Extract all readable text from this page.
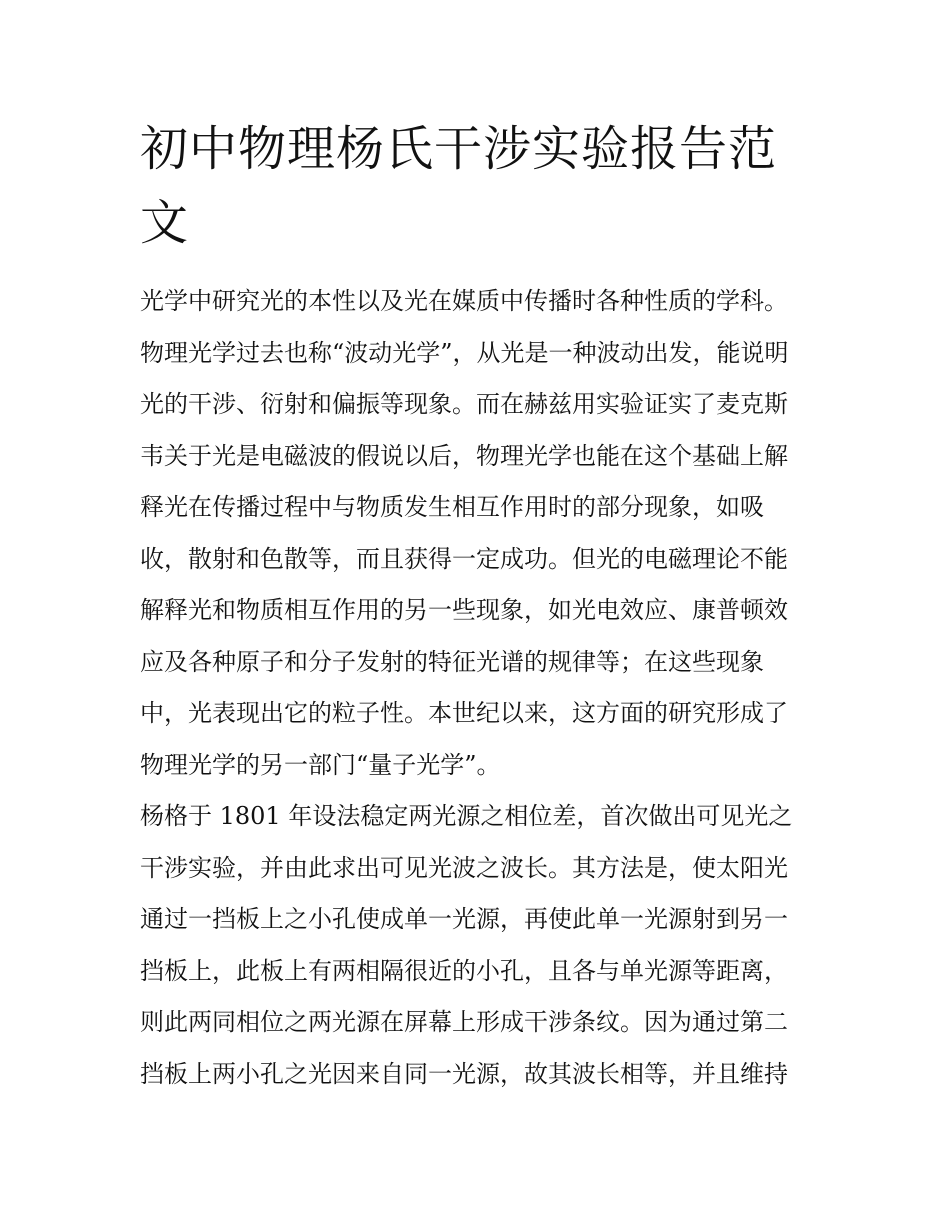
初中物理杨氏干涉实验报告范
文
光学中研究光的本性以及光在媒质中传播时各种性质的学科。
物理光学过去也称“波动光学”，从光是一种波动出发，能说明
光的干涉、衍射和偏振等现象。而在赫兹用实验证实了麦克斯
韦关于光是电磁波的假说以后，物理光学也能在这个基础上解
释光在传播过程中与物质发生相互作用时的部分现象，如吸
收，散射和色散等，而且获得一定成功。但光的电磁理论不能
解释光和物质相互作用的另一些现象，如光电效应、康普顿效
应及各种原子和分子发射的特征光谱的规律等；在这些现象
中，光表现出它的粒子性。本世纪以来，这方面的研究形成了
物理光学的另一部门“量子光学”。
杨格于 1801 年设法稳定两光源之相位差，首次做出可见光之
干涉实验，并由此求出可见光波之波长。其方法是，使太阳光
通过一挡板上之小孔使成单一光源，再使此单一光源射到另一
挡板上，此板上有两相隔很近的小孔，且各与单光源等距离，
则此两同相位之两光源在屏幕上形成干涉条纹。因为通过第二
挡板上两小孔之光因来自同一光源，故其波长相等，并且维持
